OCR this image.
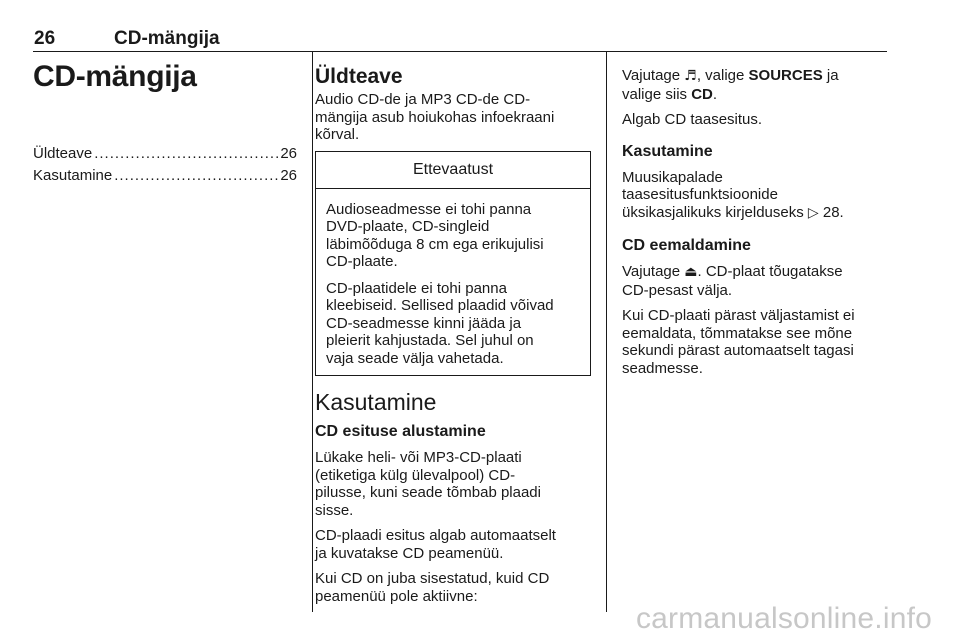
26	CD-mängija
CD-mängija
Üldteave .....	26
Kasutamine .....	26
Üldteave
Audio CD-de ja MP3 CD-de CD-
mängija asub hoiukohas infoekraani
kõrval.
Ettevaatust
Audioseadmesse ei tohi panna
DVD-plaate, CD-singleid
läbimõõduga 8 cm ega erikujulisi
CD-plaate.
CD-plaatidele ei tohi panna
kleebiseid. Sellised plaadid võivad
CD-seadmesse kinni jääda ja
pleierit kahjustada. Sel juhul on
vaja seade välja vahetada.
Kasutamine
CD esituse alustamine
Lükake heli- või MP3-CD-plaati
(etiketiga külg ülevalpool) CD-
pilusse, kuni seade tõmbab plaadi
sisse.
CD-plaadi esitus algab automaatselt
ja kuvatakse CD peamenüü.
Kui CD on juba sisestatud, kuid CD
peamenüü pole aktiivne:
Vajutage ♬, valige SOURCES ja
valige siis CD.
Algab CD taasesitus.
Kasutamine
Muusikapalade
taasesitusfunktsioonide
üksikasjalikuks kirjelduseks ▷ 28.
CD eemaldamine
Vajutage ⏏. CD-plaat tõugatakse
CD-pesast välja.
Kui CD-plaati pärast väljastamist ei
eemaldata, tõmmatakse see mõne
sekundi pärast automaatselt tagasi
seadmesse.
carmanualsonline.info
